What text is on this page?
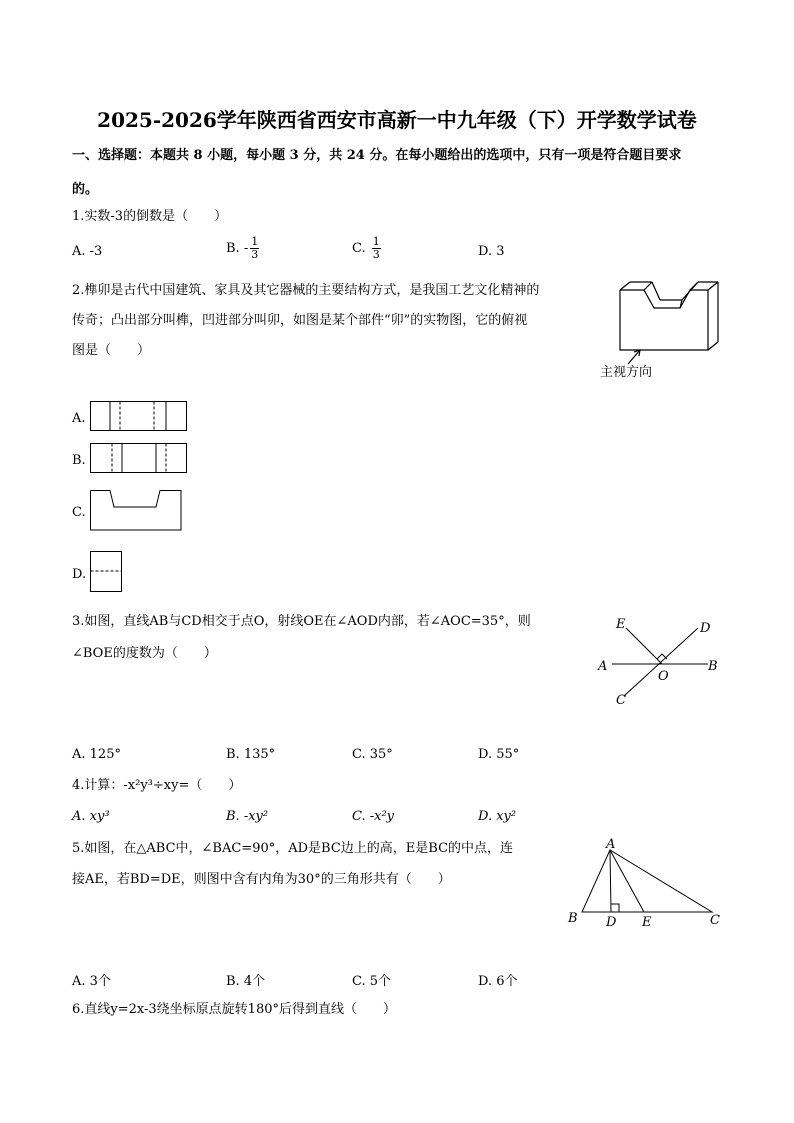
2025-2026学年陕西省西安市高新一中九年级（下）开学数学试卷
一、选择题：本题共 8 小题，每小题 3 分，共 24 分。在每小题给出的选项中，只有一项是符合题目要求
的。
1.实数-3的倒数是（　　）
A. -3	B. - $\frac{1}{3}$	C. $\frac{1}{3}$	D. 3
2.榫卯是古代中国建筑、家具及其它器械的主要结构方式，是我国工艺文化精神的
传奇；凸出部分叫榫，凹进部分叫卯，如图是某个部件“卯”的实物图，它的俯视
图是（　　）
主视方向
A.
B.
C.
D.
3.如图，直线AB与CD相交于点O，射线OE在∠AOD内部，若∠AOC=35°，则
∠BOE的度数为（　　）
E	D
A
O
B
C
A. 125°	B. 135°	C. 35°	D. 55°
4.计算：-x²y³÷xy=（　　）
A. xy³	B. -xy²	C. -x²y	D. xy²
5.如图，在△ABC中，∠BAC=90°，AD是BC边上的高，E是BC的中点，连
接AE，若BD=DE，则图中含有内角为30°的三角形共有（　　）
A
B D E	C
A. 3个	B. 4个	C. 5个	D. 6个
6.直线y=2x-3绕坐标原点旋转180°后得到直线（　　）
